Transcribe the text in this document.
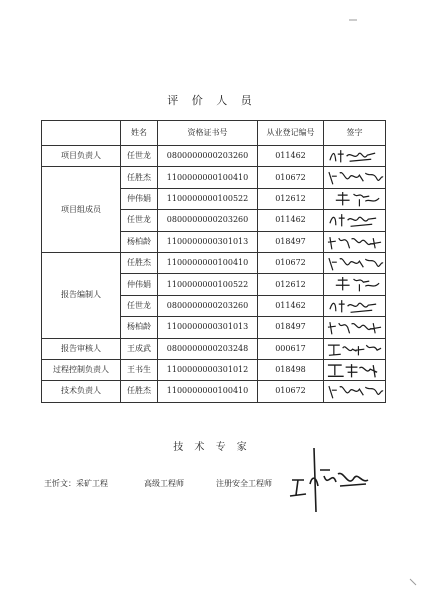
评 价 人 员
	姓名	资格证书号	从业登记编号	签字
项目负责人	任世龙	0800000000203260	011462	

项目组成员	任胜杰	1100000000100410	010672	

	仲伟娟	1100000000100522	012612	

	任世龙	0800000000203260	011462	

	杨柏龄	1100000000301013	018497	

报告编制人	任胜杰	1100000000100410	010672	

	仲伟娟	1100000000100522	012612	

	任世龙	0800000000203260	011462	

	杨柏龄	1100000000301013	018497	

报告审核人	王成武	0800000000203248	000617	

过程控制负责人	王书生	1100000000301012	018498	

技术负责人	任胜杰	1100000000100410	010672	
技 术 专 家
王忻文：采矿工程	高级工程师	注册安全工程师
